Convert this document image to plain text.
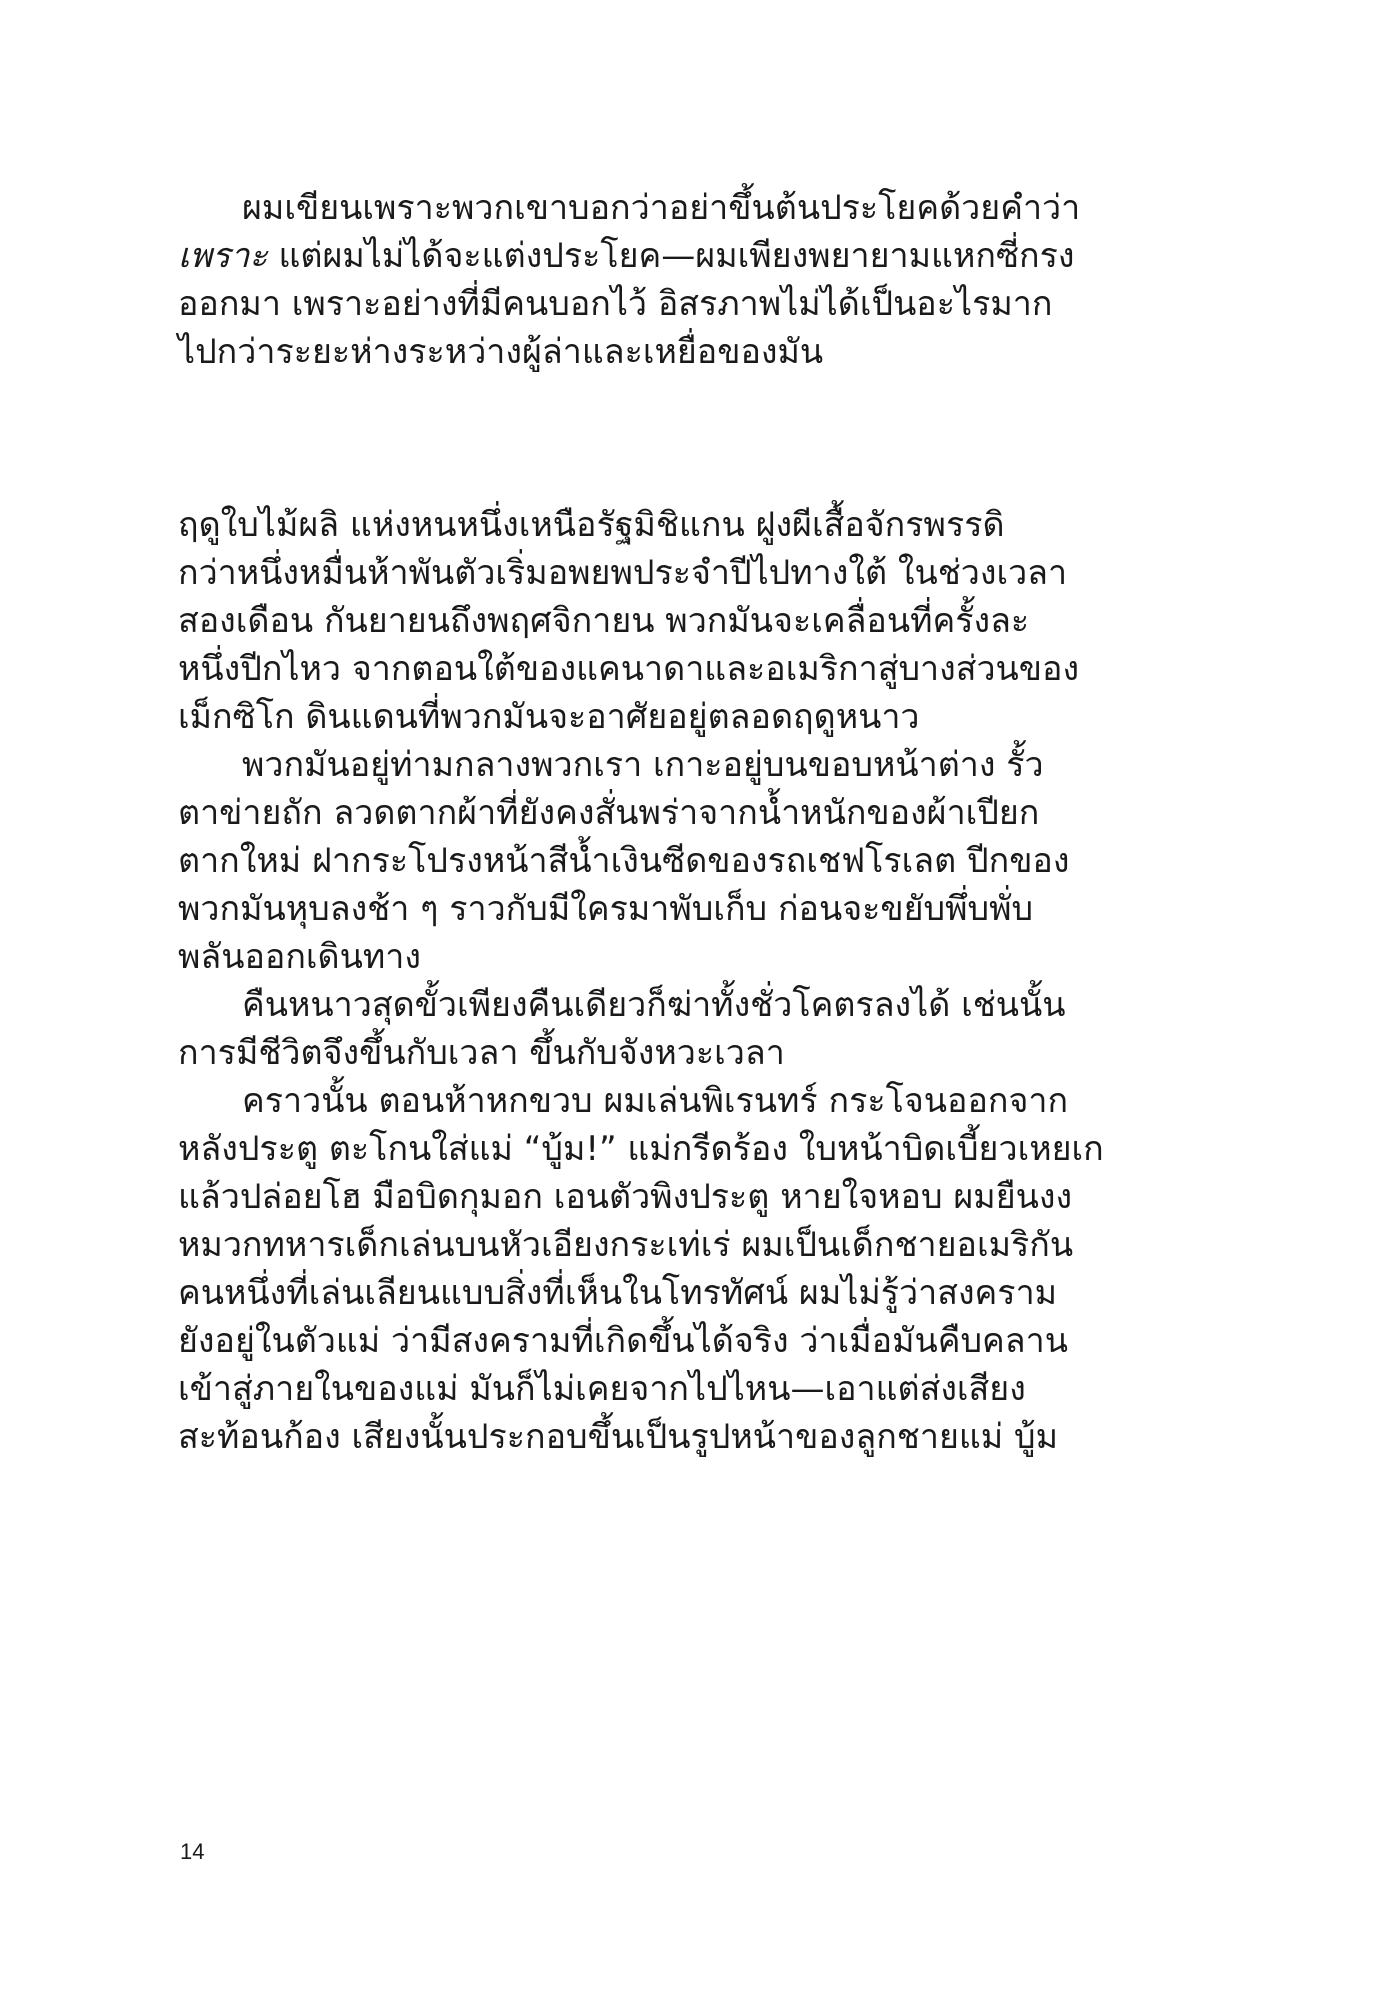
ผมเขียนเพราะพวกเขาบอกว่าอย่าขึ้นต้นประโยคด้วยคำว่า
เพราะ แต่ผมไม่ได้จะแต่งประโยค—ผมเพียงพยายามแหกซี่กรง
ออกมา เพราะอย่างที่มีคนบอกไว้ อิสรภาพไม่ได้เป็นอะไรมาก
ไปกว่าระยะห่างระหว่างผู้ล่าและเหยื่อของมัน
ฤดูใบไม้ผลิ แห่งหนหนึ่งเหนือรัฐมิชิแกน ฝูงผีเสื้อจักรพรรดิ
กว่าหนึ่งหมื่นห้าพันตัวเริ่มอพยพประจำปีไปทางใต้ ในช่วงเวลา
สองเดือน กันยายนถึงพฤศจิกายน พวกมันจะเคลื่อนที่ครั้งละ
หนึ่งปีกไหว จากตอนใต้ของแคนาดาและอเมริกาสู่บางส่วนของ
เม็กซิโก ดินแดนที่พวกมันจะอาศัยอยู่ตลอดฤดูหนาว
พวกมันอยู่ท่ามกลางพวกเรา เกาะอยู่บนขอบหน้าต่าง รั้ว
ตาข่ายถัก ลวดตากผ้าที่ยังคงสั่นพร่าจากน้ำหนักของผ้าเปียก
ตากใหม่ ฝากระโปรงหน้าสีน้ำเงินซีดของรถเชฟโรเลต ปีกของ
พวกมันหุบลงช้า ๆ ราวกับมีใครมาพับเก็บ ก่อนจะขยับพึ่บพั่บ
พลันออกเดินทาง
คืนหนาวสุดขั้วเพียงคืนเดียวก็ฆ่าทั้งชั่วโคตรลงได้ เช่นนั้น
การมีชีวิตจึงขึ้นกับเวลา ขึ้นกับจังหวะเวลา
คราวนั้น ตอนห้าหกขวบ ผมเล่นพิเรนทร์ กระโจนออกจาก
หลังประตู ตะโกนใส่แม่ “บู้ม!” แม่กรีดร้อง ใบหน้าบิดเบี้ยวเหยเก
แล้วปล่อยโฮ มือบิดกุมอก เอนตัวพิงประตู หายใจหอบ ผมยืนงง
หมวกทหารเด็กเล่นบนหัวเอียงกระเท่เร่ ผมเป็นเด็กชายอเมริกัน
คนหนึ่งที่เล่นเลียนแบบสิ่งที่เห็นในโทรทัศน์ ผมไม่รู้ว่าสงคราม
ยังอยู่ในตัวแม่ ว่ามีสงครามที่เกิดขึ้นได้จริง ว่าเมื่อมันคืบคลาน
เข้าสู่ภายในของแม่ มันก็ไม่เคยจากไปไหน—เอาแต่ส่งเสียง
สะท้อนก้อง เสียงนั้นประกอบขึ้นเป็นรูปหน้าของลูกชายแม่ บู้ม
14
